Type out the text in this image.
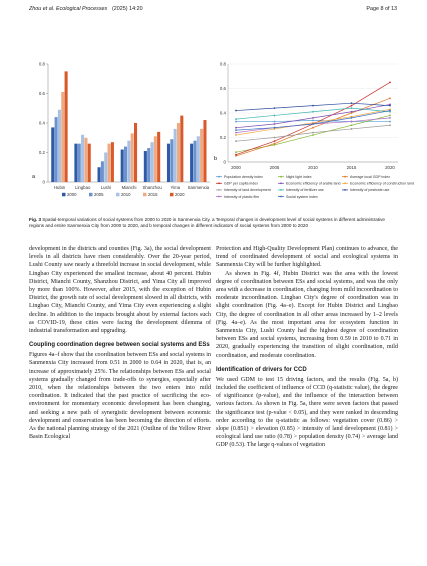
Zhou et al. Ecological Processes (2025) 14:20	Page 8 of 13
0
0.2
0.4
0.6
0.8
Hubin Lingbao Lushi Mianchi Shanzhou Yima Sanmenxia
a
2000	2005	2010	2015	2020
0
0.2
0.4
0.6
0.8
2000	2005	2010	2015	2020
b
Population density index	Night light index	Average local GDP index
GDP per capita index	Economic efficiency of arable land	Economic efficiency of construction land
Intensity of land development	Intensity of fertilizer use	Intensity of pesticide use
Intensity of plastic film	Social system index
Fig. 3 Spatial-temporal variations of social systems from 2000 to 2020 in Sanmenxia City. a Temporal changes in development level of social systems in different administrative regions and entire Sanmenxia City from 2000 to 2020, and b temporal changes in different indicators of social systems from 2000 to 2020

development in the districts and counties (Fig. 3a), the social development levels in all districts have risen considerably. Over the 20-year period, Lushi County saw nearly a threefold increase in social development, while Lingbao City experienced the smallest increase, about 40 percent. Hubin District, Mianchi County, Shanzhou District, and Yima City all improved by more than 100%. However, after 2015, with the exception of Hubin District, the growth rate of social development slowed in all districts, with Lingbao City, Mianchi County, and Yima City even experiencing a slight decline. In addition to the impacts brought about by external factors such as COVID-19, these cities were facing the development dilemma of industrial transformation and upgrading.

Coupling coordination degree between social systems and ESs

Figures 4a–f show that the coordination between ESs and social systems in Sanmenxia City increased from 0.51 in 2000 to 0.64 in 2020, that is, an increase of approximately 25%. The relationships between ESs and social systems gradually changed from trade-offs to synergies, especially after 2010, when the relationships between the two enters into mild coordination. It indicated that the past practice of sacrificing the eco-environment for momentary economic development has been changing, and seeking a new path of synergistic development between economic development and conservation has been becoming the direction of efforts. As the national planning strategy of the 2021 (Outline of the Yellow River Basin Ecological

Protection and High-Quality Development Plan) continues to advance, the trend of coordinated development of social and ecological systems in Sanmenxia City will be further highlighted.

As shown in Fig. 4f, Hubin District was the area with the lowest degree of coordination between ESs and social systems, and was the only area with a decrease in coordination, changing from mild incoordination to moderate incoordination. Lingbao City's degree of coordination was in slight coordination (Fig. 4a–e). Except for Hubin District and Lingbao City, the degree of coordination in all other areas increased by 1–2 levels (Fig. 4a–e). As the most important area for ecosystem function in Sanmenxia City, Lushi County had the highest degree of coordination between ESs and social systems, increasing from 0.59 in 2010 to 0.71 in 2020, gradually experiencing the transition of slight coordination, mild coordination, and moderate coordination.

Identification of drivers for CCD

We used GDM to test 15 driving factors, and the results (Fig. 5a, b) included the coefficient of influence of CCD (q-statistic value), the degree of significance (p-value), and the influence of the interaction between various factors. As shown in Fig. 5a, there were seven factors that passed the significance test (p-value < 0.05), and they were ranked in descending order according to the q-statistic as follows: vegetation cover (0.86) > slope (0.851) > elevation (0.85) > intensity of land development (0.81) > ecological land use ratio (0.78) > population density (0.74) > average land GDP (0.53). The large q-values of vegetation
